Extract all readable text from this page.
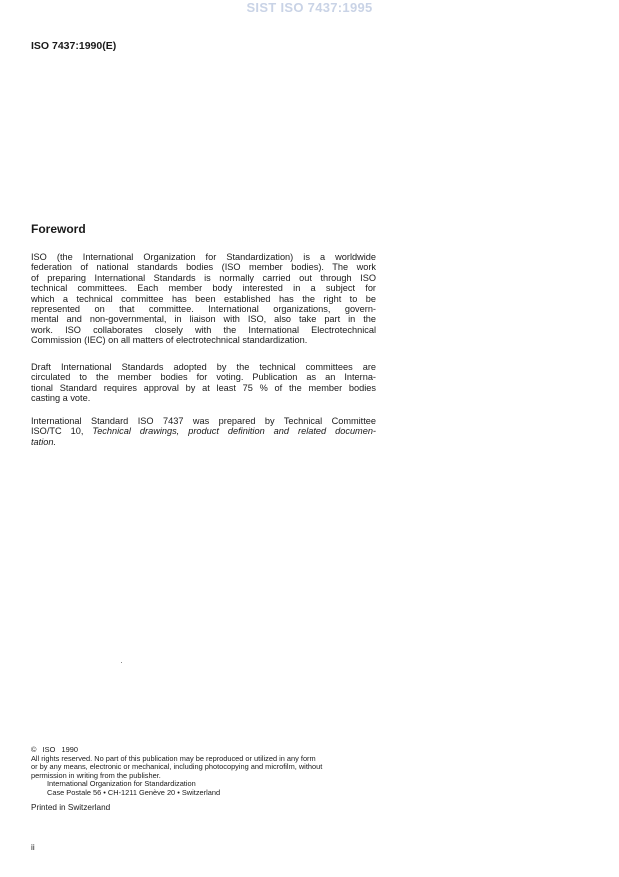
SIST ISO 7437:1995
ISO 7437:1990(E)
Foreword
ISO (the International Organization for Standardization) is a worldwide
federation of national standards bodies (ISO member bodies). The work
of preparing International Standards is normally carried out through ISO
technical committees. Each member body interested in a subject for
which a technical committee has been established has the right to be
represented on that committee. International organizations, govern-
mental and non-governmental, in liaison with ISO, also take part in the
work. ISO collaborates closely with the International Electrotechnical
Commission (IEC) on all matters of electrotechnical standardization.
Draft International Standards adopted by the technical committees are
circulated to the member bodies for voting. Publication as an Interna-
tional Standard requires approval by at least 75 % of the member bodies
casting a vote.
International Standard ISO 7437 was prepared by Technical Committee
ISO/TC 10, Technical drawings, product definition and related documen-
tation.
© ISO 1990
All rights reserved. No part of this publication may be reproduced or utilized in any form
or by any means, electronic or mechanical, including photocopying and microfilm, without
permission in writing from the publisher.
International Organization for Standardization
Case Postale 56 • CH-1211 Genève 20 • Switzerland
Printed in Switzerland
ii
